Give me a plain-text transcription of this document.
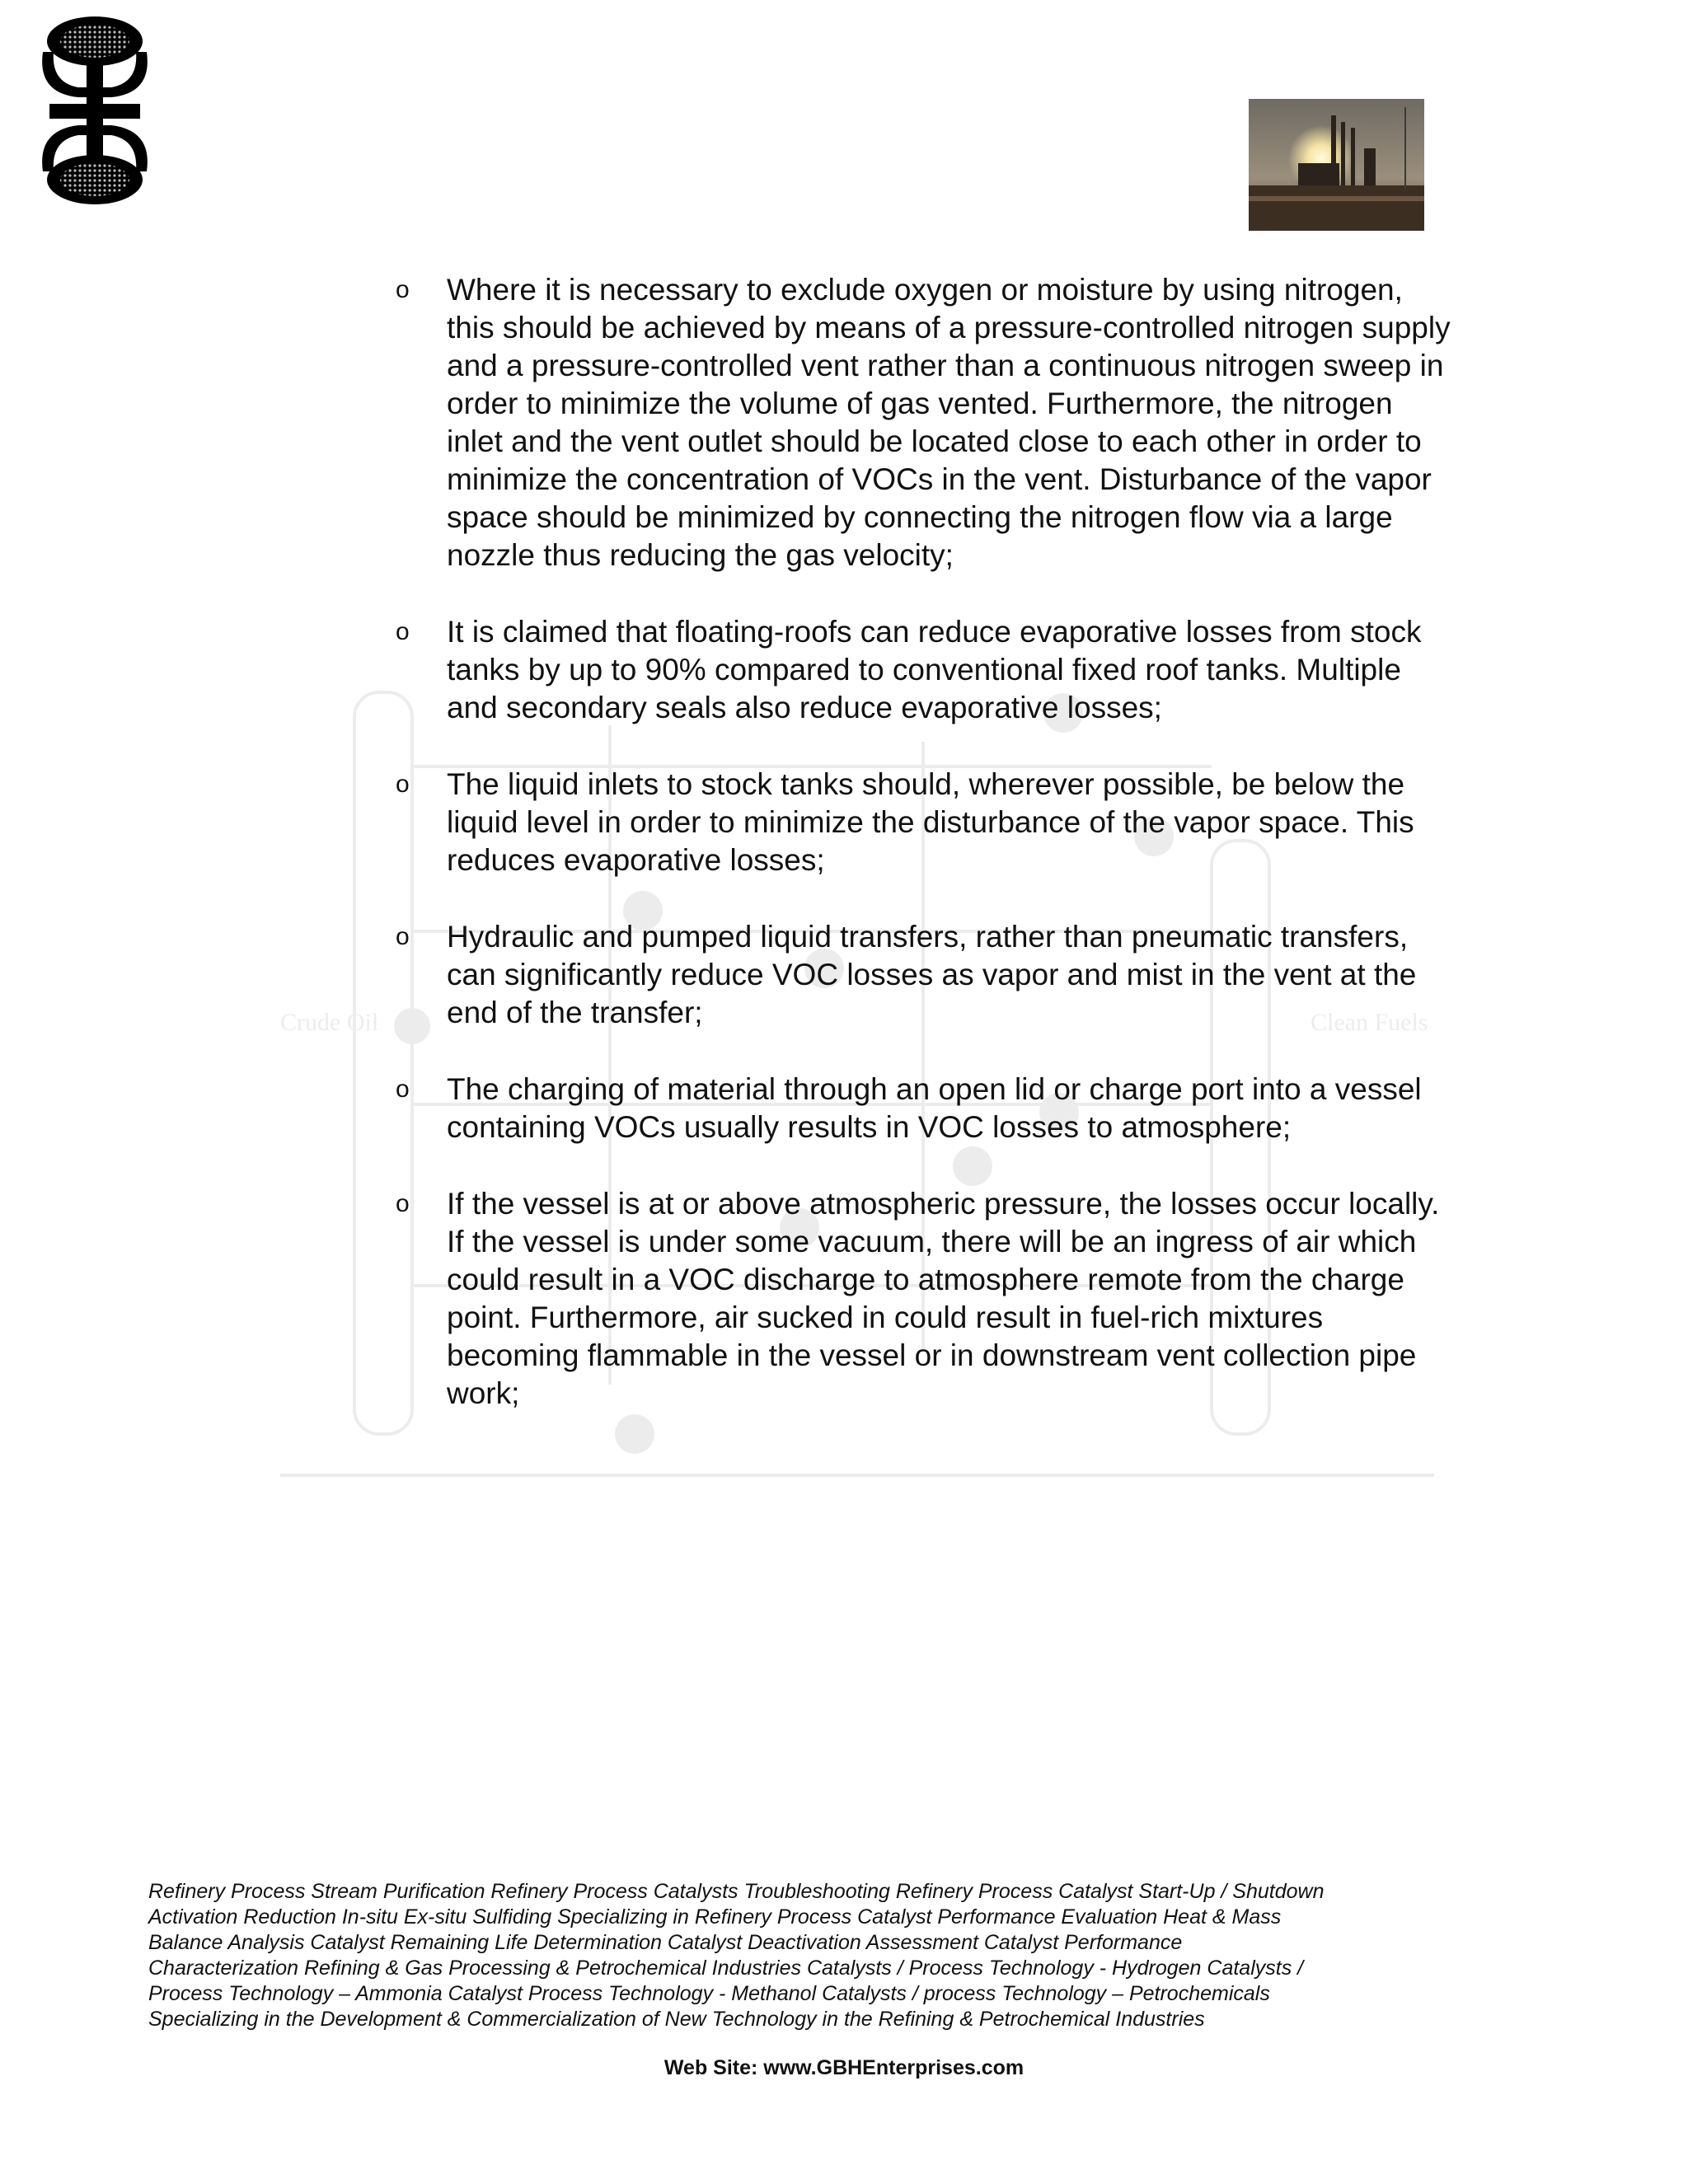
Crude Oil	Clean Fuels
o Where it is necessary to exclude oxygen or moisture by using nitrogen, this should be achieved by means of a pressure-controlled nitrogen supply and a pressure-controlled vent rather than a continuous nitrogen sweep in order to minimize the volume of gas vented. Furthermore, the nitrogen inlet and the vent outlet should be located close to each other in order to minimize the concentration of VOCs in the vent. Disturbance of the vapor space should be minimized by connecting the nitrogen flow via a large nozzle thus reducing the gas velocity;
o It is claimed that floating-roofs can reduce evaporative losses from stock tanks by up to 90% compared to conventional fixed roof tanks. Multiple and secondary seals also reduce evaporative losses;
o The liquid inlets to stock tanks should, wherever possible, be below the liquid level in order to minimize the disturbance of the vapor space. This reduces evaporative losses;
o Hydraulic and pumped liquid transfers, rather than pneumatic transfers, can significantly reduce VOC losses as vapor and mist in the vent at the end of the transfer;
o The charging of material through an open lid or charge port into a vessel containing VOCs usually results in VOC losses to atmosphere;
o If the vessel is at or above atmospheric pressure, the losses occur locally. If the vessel is under some vacuum, there will be an ingress of air which could result in a VOC discharge to atmosphere remote from the charge point. Furthermore, air sucked in could result in fuel-rich mixtures becoming flammable in the vessel or in downstream vent collection pipe work;

Refinery Process Stream Purification Refinery Process Catalysts Troubleshooting Refinery Process Catalyst Start-Up / Shutdown
Activation Reduction In-situ Ex-situ Sulfiding Specializing in Refinery Process Catalyst Performance Evaluation Heat & Mass
Balance Analysis Catalyst Remaining Life Determination Catalyst Deactivation Assessment Catalyst Performance
Characterization Refining & Gas Processing & Petrochemical Industries Catalysts / Process Technology - Hydrogen Catalysts /
Process Technology – Ammonia Catalyst Process Technology - Methanol Catalysts / process Technology – Petrochemicals
Specializing in the Development & Commercialization of New Technology in the Refining & Petrochemical Industries

Web Site: www.GBHEnterprises.com
